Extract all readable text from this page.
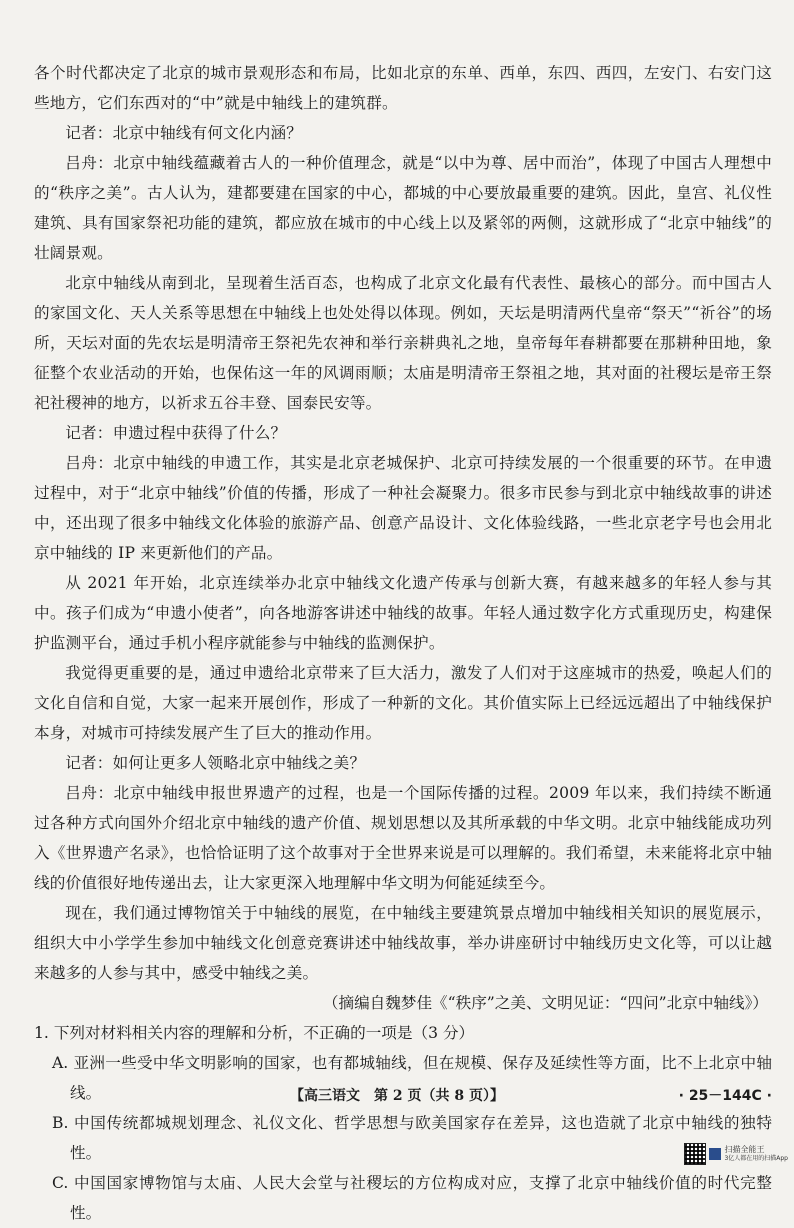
各个时代都决定了北京的城市景观形态和布局，比如北京的东单、西单，东四、西四，左安门、右安门这些地方，它们东西对的“中”就是中轴线上的建筑群。

记者：北京中轴线有何文化内涵？

吕舟：北京中轴线蕴藏着古人的一种价值理念，就是“以中为尊、居中而治”，体现了中国古人理想中的“秩序之美”。古人认为，建都要建在国家的中心，都城的中心要放最重要的建筑。因此，皇宫、礼仪性建筑、具有国家祭祀功能的建筑，都应放在城市的中心线上以及紧邻的两侧，这就形成了“北京中轴线”的壮阔景观。

北京中轴线从南到北，呈现着生活百态，也构成了北京文化最有代表性、最核心的部分。而中国古人的家国文化、天人关系等思想在中轴线上也处处得以体现。例如，天坛是明清两代皇帝“祭天”“祈谷”的场所，天坛对面的先农坛是明清帝王祭祀先农神和举行亲耕典礼之地，皇帝每年春耕都要在那耕种田地，象征整个农业活动的开始，也保佑这一年的风调雨顺；太庙是明清帝王祭祖之地，其对面的社稷坛是帝王祭祀社稷神的地方，以祈求五谷丰登、国泰民安等。

记者：申遗过程中获得了什么？

吕舟：北京中轴线的申遗工作，其实是北京老城保护、北京可持续发展的一个很重要的环节。在申遗过程中，对于“北京中轴线”价值的传播，形成了一种社会凝聚力。很多市民参与到北京中轴线故事的讲述中，还出现了很多中轴线文化体验的旅游产品、创意产品设计、文化体验线路，一些北京老字号也会用北京中轴线的 IP 来更新他们的产品。

从 2021 年开始，北京连续举办北京中轴线文化遗产传承与创新大赛，有越来越多的年轻人参与其中。孩子们成为“申遗小使者”，向各地游客讲述中轴线的故事。年轻人通过数字化方式重现历史，构建保护监测平台，通过手机小程序就能参与中轴线的监测保护。

我觉得更重要的是，通过申遗给北京带来了巨大活力，激发了人们对于这座城市的热爱，唤起人们的文化自信和自觉，大家一起来开展创作，形成了一种新的文化。其价值实际上已经远远超出了中轴线保护本身，对城市可持续发展产生了巨大的推动作用。

记者：如何让更多人领略北京中轴线之美？

吕舟：北京中轴线申报世界遗产的过程，也是一个国际传播的过程。2009 年以来，我们持续不断通过各种方式向国外介绍北京中轴线的遗产价值、规划思想以及其所承载的中华文明。北京中轴线能成功列入《世界遗产名录》，也恰恰证明了这个故事对于全世界来说是可以理解的。我们希望，未来能将北京中轴线的价值很好地传递出去，让大家更深入地理解中华文明为何能延续至今。

现在，我们通过博物馆关于中轴线的展览，在中轴线主要建筑景点增加中轴线相关知识的展览展示，组织大中小学学生参加中轴线文化创意竞赛讲述中轴线故事，举办讲座研讨中轴线历史文化等，可以让越来越多的人参与其中，感受中轴线之美。

（摘编自魏梦佳《“秩序”之美、文明见证：“四问”北京中轴线》）

1. 下列对材料相关内容的理解和分析，不正确的一项是（3 分）

A. 亚洲一些受中华文明影响的国家，也有都城轴线，但在规模、保存及延续性等方面，比不上北京中轴线。

B. 中国传统都城规划理念、礼仪文化、哲学思想与欧美国家存在差异，这也造就了北京中轴线的独特性。

C. 中国国家博物馆与太庙、人民大会堂与社稷坛的方位构成对应，支撑了北京中轴线价值的时代完整性。

【高三语文　第 2 页（共 8 页）】	· 25－144C ·
扫描全能王
3亿人都在用的扫描App
